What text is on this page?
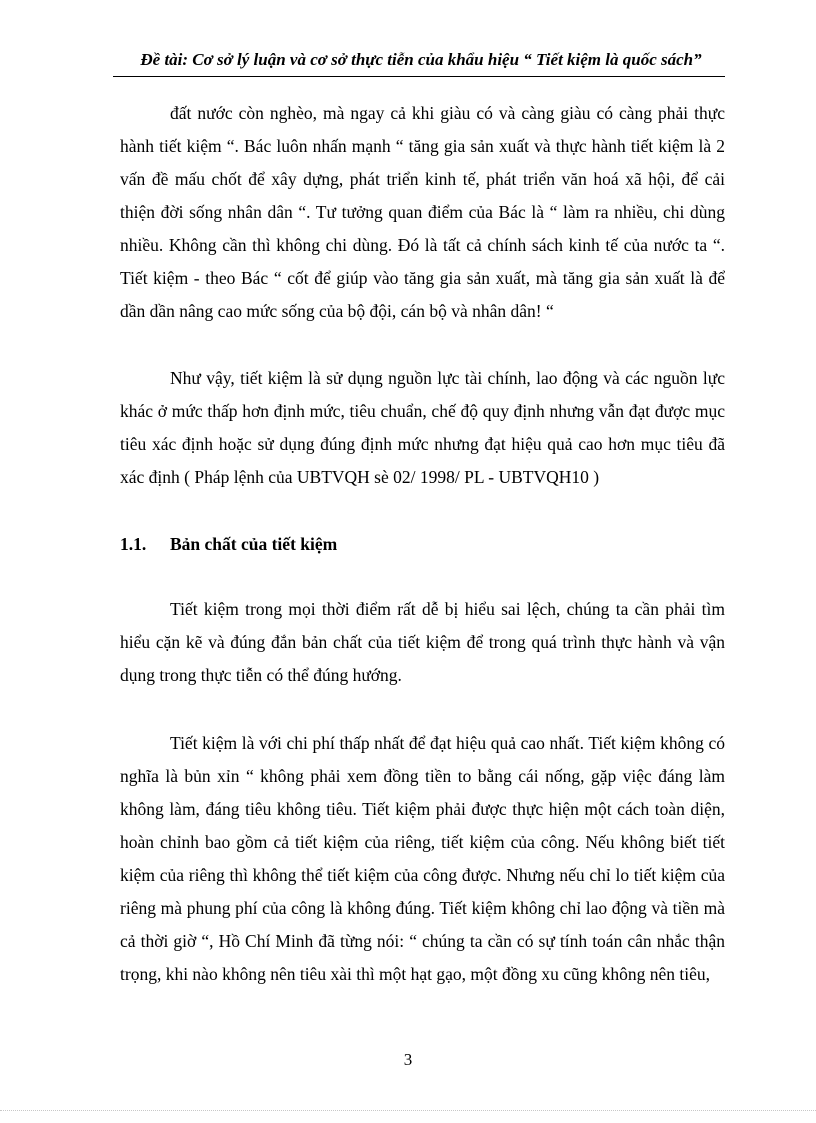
Đề tài: Cơ sở lý luận và cơ sở thực tiễn của khẩu hiệu “ Tiết kiệm là quốc sách”

đất nước còn nghèo, mà ngay cả khi giàu có và càng giàu có càng phải thực hành tiết kiệm “. Bác luôn nhấn mạnh “ tăng gia sản xuất và thực hành tiết kiệm là 2 vấn đề mấu chốt để xây dựng, phát triển kinh tế, phát triển văn hoá xã hội, để cải thiện đời sống nhân dân “. Tư tưởng quan điểm của Bác là “ làm ra nhiều, chi dùng nhiều. Không cần thì không chi dùng. Đó là tất cả chính sách kinh tế của nước ta “. Tiết kiệm - theo Bác “ cốt để giúp vào tăng gia sản xuất, mà tăng gia sản xuất là để dần dần nâng cao mức sống của bộ đội, cán bộ và nhân dân! “

Như vậy, tiết kiệm là sử dụng nguồn lực tài chính, lao động và các nguồn lực khác ở mức thấp hơn định mức, tiêu chuẩn, chế độ quy định nhưng vẫn đạt được mục tiêu xác định hoặc sử dụng đúng định mức nhưng đạt hiệu quả cao hơn mục tiêu đã xác định ( Pháp lệnh của UBTVQH sè 02/ 1998/ PL - UBTVQH10 )

1.1. Bản chất của tiết kiệm

Tiết kiệm trong mọi thời điểm rất dễ bị hiểu sai lệch, chúng ta cần phải tìm hiểu cặn kẽ và đúng đắn bản chất của tiết kiệm để trong quá trình thực hành và vận dụng trong thực tiễn có thể đúng hướng.

Tiết kiệm là với chi phí thấp nhất để đạt hiệu quả cao nhất. Tiết kiệm không có nghĩa là bủn xỉn “ không phải xem đồng tiền to bằng cái nống, gặp việc đáng làm không làm, đáng tiêu không tiêu. Tiết kiệm phải được thực hiện một cách toàn diện, hoàn chỉnh bao gồm cả tiết kiệm của riêng, tiết kiệm của công. Nếu không biết tiết kiệm của riêng thì không thể tiết kiệm của công được. Nhưng nếu chỉ lo tiết kiệm của riêng mà phung phí của công là không đúng. Tiết kiệm không chỉ lao động và tiền mà cả thời giờ “, Hồ Chí Minh đã từng nói: “ chúng ta cần có sự tính toán cân nhắc thận trọng, khi nào không nên tiêu xài thì một hạt gạo, một đồng xu cũng không nên tiêu,

3
